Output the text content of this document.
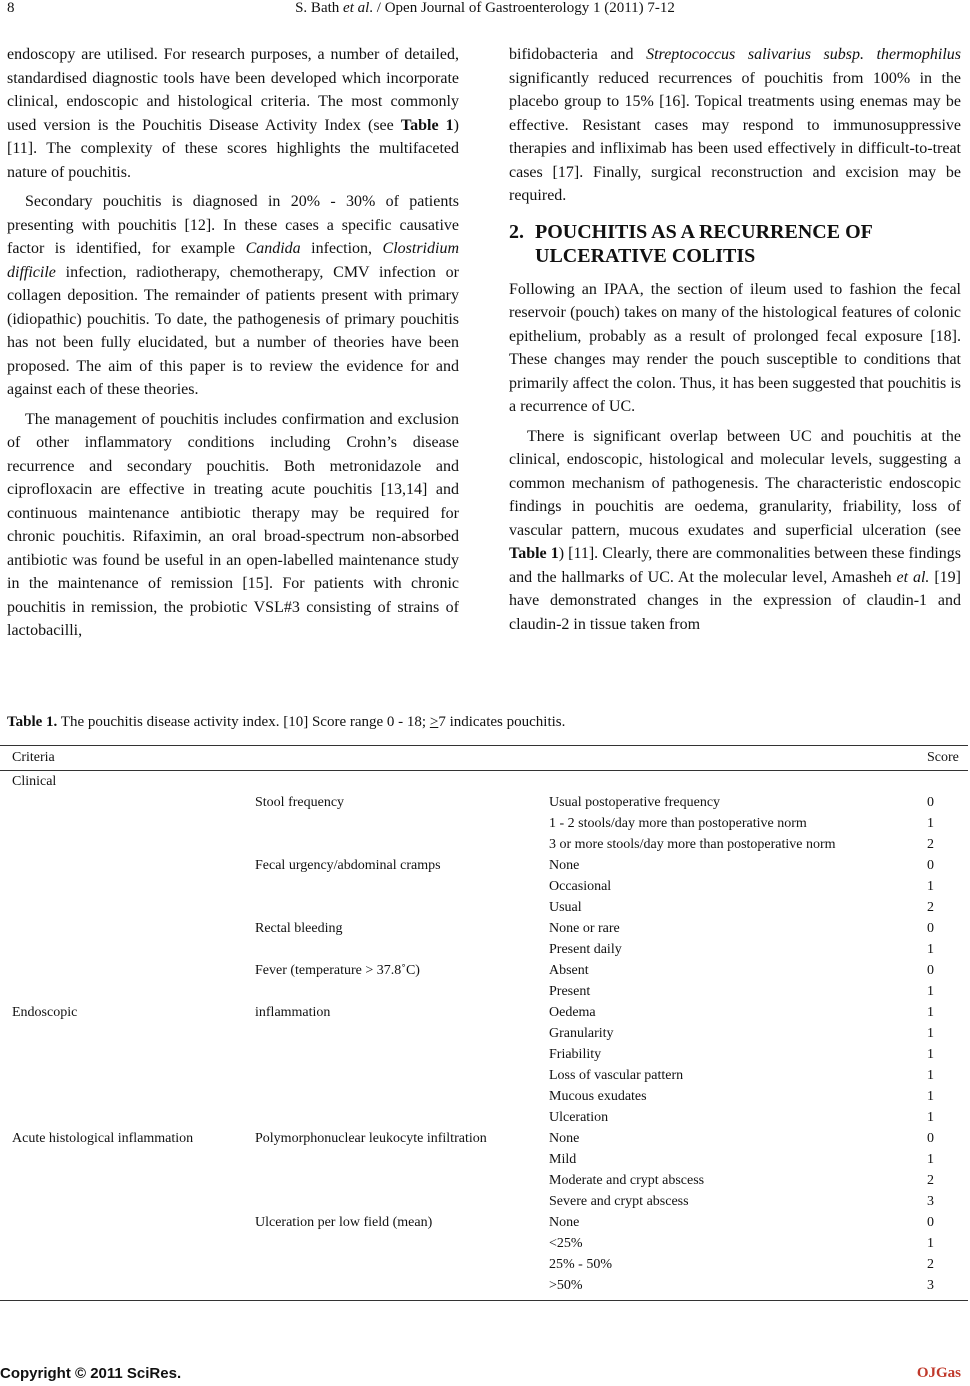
8	S. Bath et al. / Open Journal of Gastroenterology 1 (2011) 7-12

endoscopy are utilised. For research purposes, a number of detailed, standardised diagnostic tools have been developed which incorporate clinical, endoscopic and histological criteria. The most commonly used version is the Pouchitis Disease Activity Index (see Table 1) [11]. The complexity of these scores highlights the multifaceted nature of pouchitis.

Secondary pouchitis is diagnosed in 20% - 30% of patients presenting with pouchitis [12]. In these cases a specific causative factor is identified, for example Candida infection, Clostridium difficile infection, radiotherapy, chemotherapy, CMV infection or collagen deposition. The remainder of patients present with primary (idiopathic) pouchitis. To date, the pathogenesis of primary pouchitis has not been fully elucidated, but a number of theories have been proposed. The aim of this paper is to review the evidence for and against each of these theories.

The management of pouchitis includes confirmation and exclusion of other inflammatory conditions including Crohn’s disease recurrence and secondary pouchitis. Both metronidazole and ciprofloxacin are effective in treating acute pouchitis [13,14] and continuous maintenance antibiotic therapy may be required for chronic pouchitis. Rifaximin, an oral broad-spectrum non-absorbed antibiotic was found be useful in an open-labelled maintenance study in the maintenance of remission [15]. For patients with chronic pouchitis in remission, the probiotic VSL#3 consisting of strains of lactobacilli,

bifidobacteria and Streptococcus salivarius subsp. thermophilus significantly reduced recurrences of pouchitis from 100% in the placebo group to 15% [16]. Topical treatments using enemas may be effective. Resistant cases may respond to immunosuppressive therapies and infliximab has been used effectively in difficult-to-treat cases [17]. Finally, surgical reconstruction and excision may be required.

2. POUCHITIS AS A RECURRENCE OF
ULCERATIVE COLITIS

Following an IPAA, the section of ileum used to fashion the fecal reservoir (pouch) takes on many of the histological features of colonic epithelium, probably as a result of prolonged fecal exposure [18]. These changes may render the pouch susceptible to conditions that primarily affect the colon. Thus, it has been suggested that pouchitis is a recurrence of UC.

There is significant overlap between UC and pouchitis at the clinical, endoscopic, histological and molecular levels, suggesting a common mechanism of pathogenesis. The characteristic endoscopic findings in pouchitis are oedema, granularity, friability, loss of vascular pattern, mucous exudates and superficial ulceration (see Table 1) [11]. Clearly, there are commonalities between these findings and the hallmarks of UC. At the molecular level, Amasheh et al. [19] have demonstrated changes in the expression of claudin-1 and claudin-2 in tissue taken from

Table 1. The pouchitis disease activity index. [10] Score range 0 - 18; >7 indicates pouchitis.
Criteria			Score
Clinical			
	Stool frequency	Usual postoperative frequency	0
		1 - 2 stools/day more than postoperative norm	1
		3 or more stools/day more than postoperative norm	2
	Fecal urgency/abdominal cramps	None	0
		Occasional	1
		Usual	2
	Rectal bleeding	None or rare	0
		Present daily	1
	Fever (temperature > 37.8˚C)	Absent	0
		Present	1
Endoscopic	inflammation	Oedema	1
		Granularity	1
		Friability	1
		Loss of vascular pattern	1
		Mucous exudates	1
		Ulceration	1
Acute histological inflammation	Polymorphonuclear leukocyte infiltration	None	0
		Mild	1
		Moderate and crypt abscess	2
		Severe and crypt abscess	3
	Ulceration per low field (mean)	None	0
		<25%	1
		25% - 50%	2
		>50%	3
Copyright © 2011 SciRes.	OJGas
